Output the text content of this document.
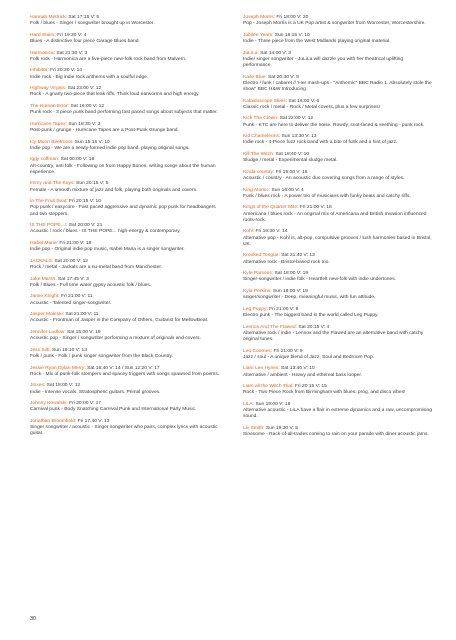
Hannah Mettrick: Sat 17:15 V: 5
Folk / blues - Singer / songwriter brought up in Worcester.
Hard Stairs: Fri 19:30 V: 4
Blues - A distinctive four piece Garage Blues band.
Harmonica: Sat 21:30 V: 3
Folk rock - Harmonica are a five-piece new-folk rock band from Malvern.
Inhibitor: Fri 20:30 V: 14
Indie rock - Big indie rock anthems with a soulful edge.
Highway Virgins: Sat 23:00 V: 12
Rock - A gnarly two-piece that leak riffs. Think loud earworms and high energy.
The Human Error: Sat 16:00 V: 12
Punk rock - 3 piece punk band performing fast paced songs about subjects that matter.
Hurricane Tapes: Sun 18:30 V: 3
Post-punk / grunge - Hurricane Tapes are a Post-Punk Grunge band.
Icy Moon Beetroots: Sun 15:15 V: 10
Indie pop - We are a newly-formed indie pop band, playing original songs.
Iggy coffman: Sat 00:00 V: 18
Alt-country, anti folk - Following on from Happy Bones, writing songs about the human experience.
Immy and The Keys: Sun 20:15 V: 5
Female - A smooth mixture of jazz and folk, playing both originals and covers.
In The Fruit Seat: Fri 20:15 V: 10
Pop punk / easycore - Fast paced aggressive and dynamic pop punk for headbangers and two steppers.
IS THE POPE...!: Sat 20:00 V: 21
Acoustic / rock / blues - IS THE POPE... high-energy & contemporary.
Isabel Maria: Fri 21:00 V: 18
Indie pop - Original indie pop music, Isabel Maria is a singer songwriter.
JACKALS: Sat 20:00 V: 12
Rock / metal - Jackals are a nu-metal band from Manchester.
Jake Marsh: Sat 17:45 V: 3
Folk / Blues - Full time water gypsy acoustic folk / blues.
Jamie Knight: Fri 21:00 V: 11
Acoustic - Talented singer-songwriter.
Jasper Maleski: Sat 21:00 V: 11
Acoustic - Frontman of Jasper in the Company of Others, Guitarist for MellowBear.
Jennifer Ludlow: Sat 15:00 V: 19
Acoustic pop - Singer / songwriter performing a mixture of originals and covers.
Jess Silk: Sun 19:10 V: 13
Folk / punk - Folk / punk singer songwriter from the Black Country.
Jessie Ryan Dylan Merry: Sat 16:40 V: 14 / Sun 12:20 V: 17
Rock - Mix of punk-folk stompers and spacey triggers with songs spawned from poems.
Jinxes: Sat 18:00 V: 12
Indie - Intense vocals. Stratospheric guitars. Primal grooves.
Johnny Kowalski: Fri 20:00 V: 17
Carnival punk - Body Snatching Carnival Punk and International Party Music.
Jonathan Broomfield: Fri 17:40 V: 13
Singer songwriter / acoustic - Singer songwriter who pairs, complex lyrics with acoustic guitar.
Joseph Morris: Fri 18:00 V: 20
Pop - Joseph Morris is a UK Pop artist & songwriter from Worcester, Worcestershire.
Jubilee Years: Sun 16:15 V: 10
Indie - Three piece from the West Midlands playing original material.
JuLiLa: Sat 14:00 V: 3
Indie/ singer songwriter - JuLiLa will dazzle you with her theatrical uplifting performance.
Kaite Blue: Sat 20:30 V: 9
Electro / funk / cabaret // 'Her mash-ups - "Anthemic" BBC Radio 1. Absolutely stole the show" BBC H&W Introducing.
Kalaidoscope Skies: Sat 16:00 V: 6
Classic rock / metal - Rock / Metal covers, plus a few surprises!
Kick The Clown: Sat 22:00 V: 12
Punk - KTC are here to deliver the noise. Rowdy, snot-faced & seething - punk rock.
Kid Chameleons: Sun 13:30 V: 13
Indie rock - 4-Piece fuzz rock band with a bite of funk and a hint of jazz.
Kill The Witch: Sat 18:40 V: 10
Sludge / metal - Experimental sludge metal.
Kinda country: Fri 19:00 V: 16
Acoustic / country - An acoustic duo covering songs from a range of styles.
King Atomic: Sun 16:00 V: 4
Funk / blues rock - A power trio of musicians with funky beats and catchy riffs.
Kings of the Quarter Mile: Fri 21:00 V: 16
Americana / blues rock - An original mix of Americana and British Invasion influenced roots-rock.
Kohl: Fri 19:30 V: 14
Alternative pop - Kohl is, alt-pop, compulsive grooves / lush harmonies based in Bristol, UK.
Krooked Tongue: Sat 21:40 V: 13
Alternative rock - Bristol-based rock trio.
Kyle Parsons: Sat 18:00 V: 19
Singer-songwriter / indie folk - Heartfelt new-folk with indie undertones.
Kyla Perkins: Sun 18:00 V: 19
singer/songwriter - Deep, meaningful music, with fun attitude.
Leg Puppy: Fri 21:00 V: 8
Electro punk - The biggest band in the world called Leg Puppy.
Lennox And The Flawed: Sat 20:15 V: 4
Alternative rock / indie - Lennox and the Flawed are an alternative band with catchy original tunes.
Leo Coomes: Fri 21:00 V: 9
Jazz / soul - A unique blend of Jazz, Soul and Bedroom Pop.
Liam Lee Hynes: Sat 13:40 V: 10
Alternative / ambient - Heavy and ethereal bass looper.
Liam all the Witch Trial: Fri 20:15 V: 15
Rock - Two Piece Rock from Birmingham with blues, prog, and disco vibes!
LiLA: Sun 19:00 V: 16
Alternative acoustic - LiLA have a flair in extreme dynamics and a raw, uncompromising sound.
Liv Smith: Sun 19:30 V: 5
Sinesome - Rack-of-all-trades coming to rain on your parade with diner acoustic jams.
30
